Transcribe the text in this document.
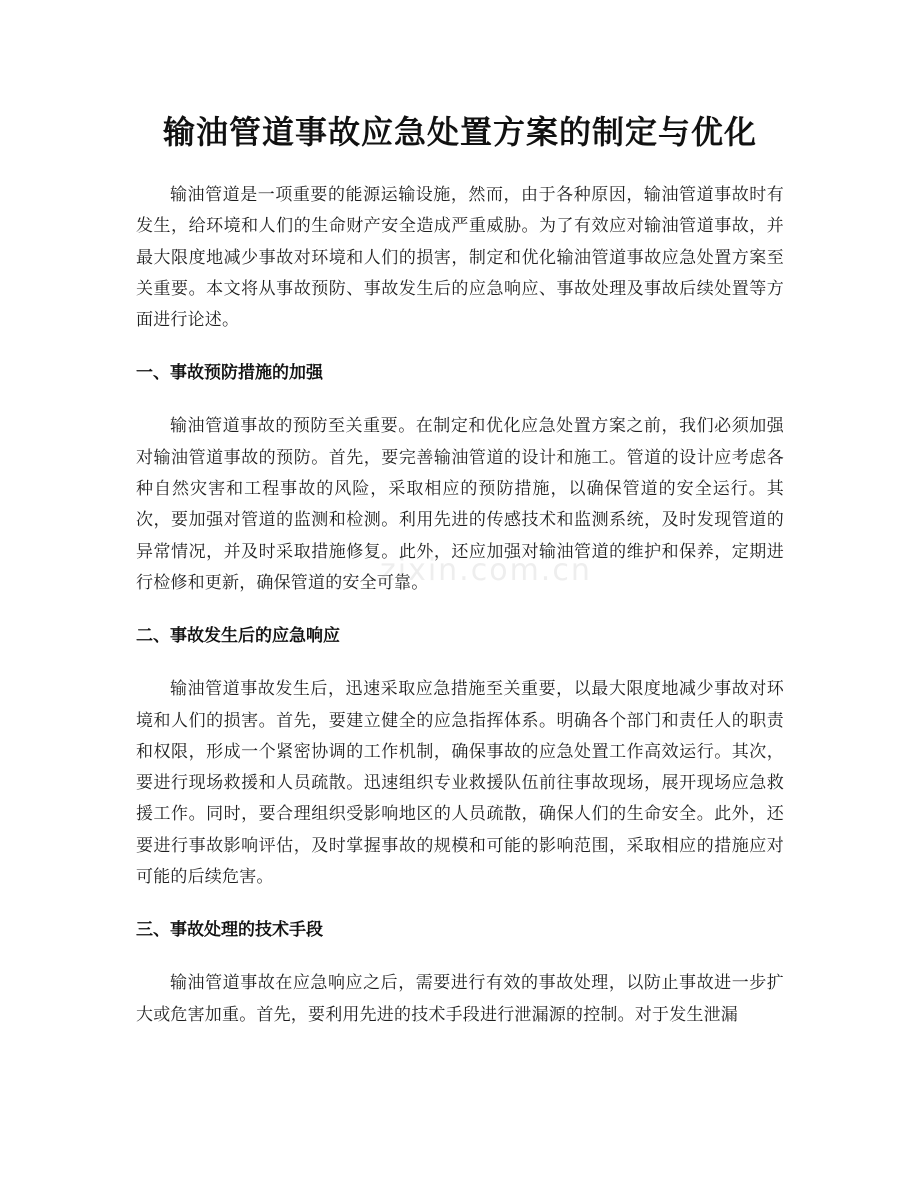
输油管道事故应急处置方案的制定与优化

输油管道是一项重要的能源运输设施，然而，由于各种原因，输油管道事故时有发生，给环境和人们的生命财产安全造成严重威胁。为了有效应对输油管道事故，并最大限度地减少事故对环境和人们的损害，制定和优化输油管道事故应急处置方案至关重要。本文将从事故预防、事故发生后的应急响应、事故处理及事故后续处置等方面进行论述。

一、事故预防措施的加强

输油管道事故的预防至关重要。在制定和优化应急处置方案之前，我们必须加强对输油管道事故的预防。首先，要完善输油管道的设计和施工。管道的设计应考虑各种自然灾害和工程事故的风险，采取相应的预防措施，以确保管道的安全运行。其次，要加强对管道的监测和检测。利用先进的传感技术和监测系统，及时发现管道的异常情况，并及时采取措施修复。此外，还应加强对输油管道的维护和保养，定期进行检修和更新，确保管道的安全可靠。

二、事故发生后的应急响应

输油管道事故发生后，迅速采取应急措施至关重要，以最大限度地减少事故对环境和人们的损害。首先，要建立健全的应急指挥体系。明确各个部门和责任人的职责和权限，形成一个紧密协调的工作机制，确保事故的应急处置工作高效运行。其次，要进行现场救援和人员疏散。迅速组织专业救援队伍前往事故现场，展开现场应急救援工作。同时，要合理组织受影响地区的人员疏散，确保人们的生命安全。此外，还要进行事故影响评估，及时掌握事故的规模和可能的影响范围，采取相应的措施应对可能的后续危害。

三、事故处理的技术手段

输油管道事故在应急响应之后，需要进行有效的事故处理，以防止事故进一步扩大或危害加重。首先，要利用先进的技术手段进行泄漏源的控制。对于发生泄漏

zixin.com.cn
